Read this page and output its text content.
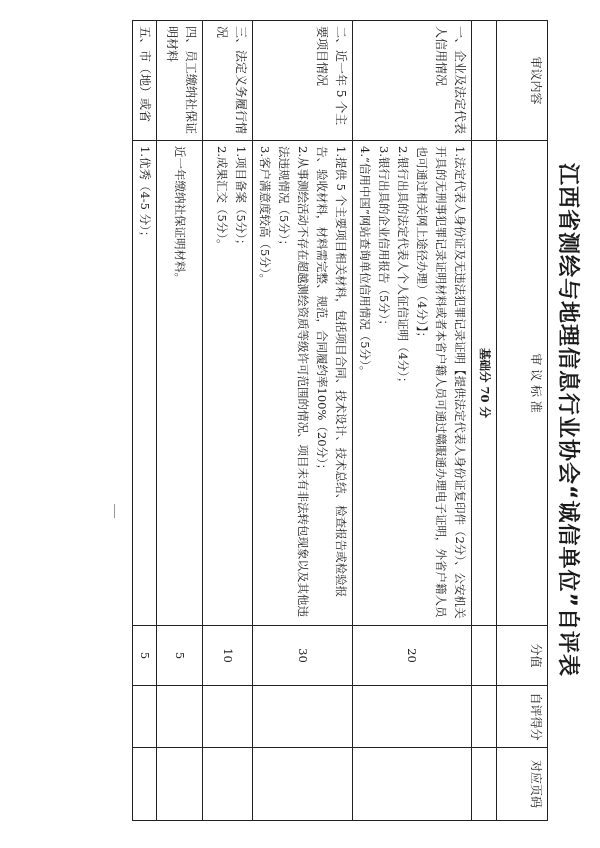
江西省测绘与地理信息行业协会“诚信单位”自评表
审议内容	审 议 标 准	分值	自评得分	对应页码
	基础分 70 分			
一、企业及法定代表人信用情况	1.法定代表人身份证及无违法犯罪记录证明【提供法定代表人身份证复印件（2分）、公安机关开具的无刑事犯罪记录证明材料或者本省户籍人员可通过赣服通办理电子证明，外省户籍人员也可通过相关网上途径办理）（4分）】；
2.银行出具的法定代表人个人征信证明（4分）；
3.银行出具的企业信用报告（5分）；
4.“信用中国”网站查询单位信用情况（5分）。	20		
二、近一年 5 个主要项目情况	1.提供 5 个主要项目相关材料，包括项目合同、技术设计、技术总结、检查报告或检验报告、验收材料，材料需完整、规范，合同履约率100%（20分）；
2.从事测绘活动不存在超越测绘资质等级许可范围的情况、项目未有非法转包现象以及其他违法违规情况（5分）；
3.客户满意度较高（5分）。	30		
三、法定义务履行情况	1.项目备案（5分）；
2.成果汇交（5分）。	10		
四、员工缴纳社保证明材料	近一年缴纳社保证明材料。	5		
五、市（地）或省	1.优秀（4-5 分）；	5		
